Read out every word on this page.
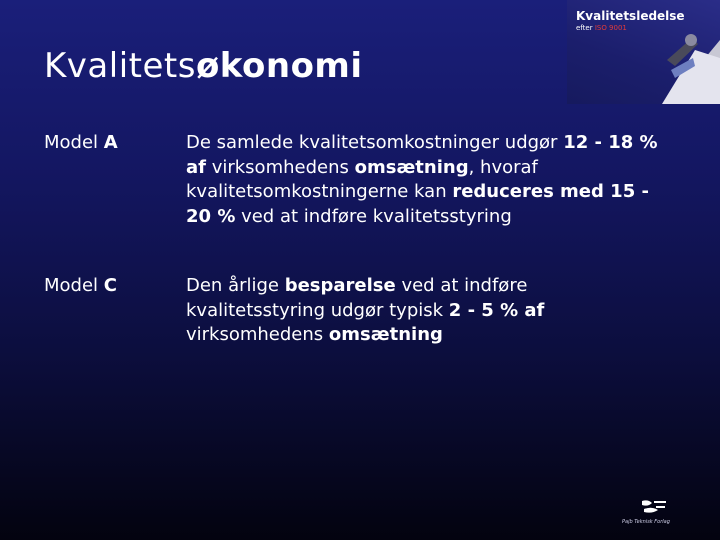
Kvalitetsledelse
efter ISO 9001
Kvalitetsøkonomi
Model A	De samlede kvalitetsomkostninger udgør 12 - 18 % af virksomhedens omsætning, hvoraf kvalitetsomkostningerne kan reduceres med 15 - 20 % ved at indføre kvalitetsstyring
Model C	Den årlige besparelse ved at indføre kvalitetsstyring udgør typisk 2 - 5 % af virksomhedens omsætning
Pajb Teknisk Forlag
